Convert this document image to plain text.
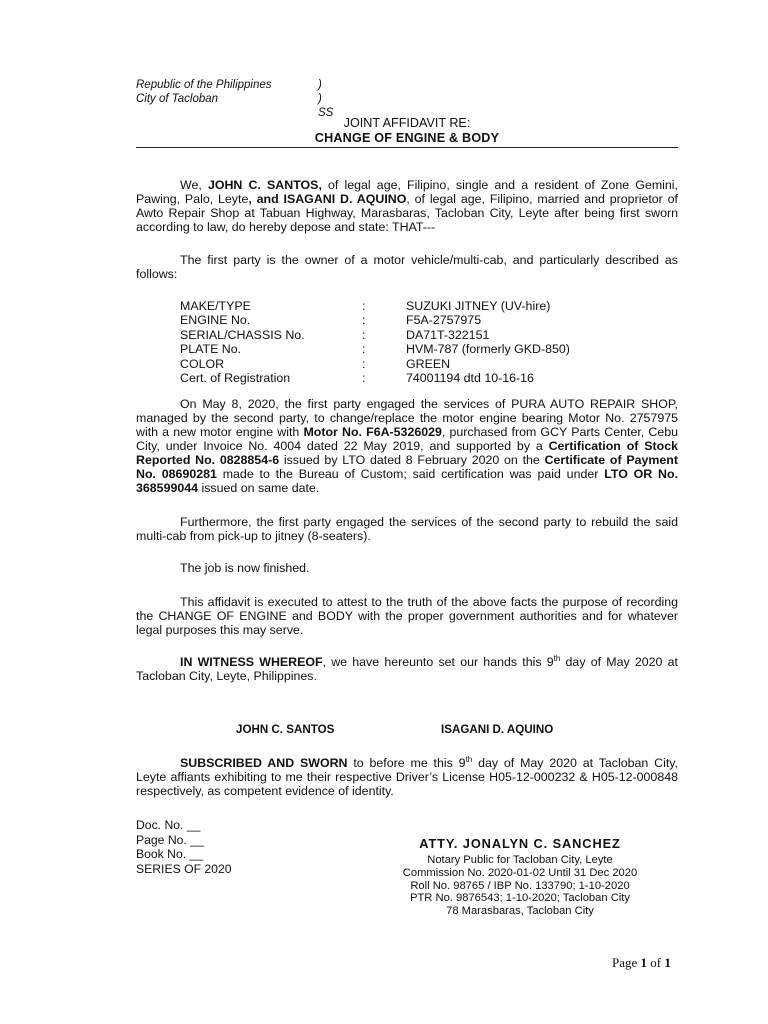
Republic of the Philippines	)
City of Tacloban	) SS
JOINT AFFIDAVIT RE:
CHANGE OF ENGINE & BODY
We, JOHN C. SANTOS, of legal age, Filipino, single and a resident of Zone Gemini, Pawing, Palo, Leyte, and ISAGANI D. AQUINO, of legal age, Filipino, married and proprietor of Awto Repair Shop at Tabuan Highway, Marasbaras, Tacloban City, Leyte after being first sworn according to law, do hereby depose and state: THAT---
The first party is the owner of a motor vehicle/multi-cab, and particularly described as follows:
MAKE/TYPE	:	SUZUKI JITNEY (UV-hire)
ENGINE No.	:	F5A-2757975
SERIAL/CHASSIS No.	:	DA71T-322151
PLATE No.	:	HVM-787 (formerly GKD-850)
COLOR	:	GREEN
Cert. of Registration	:	74001194 dtd 10-16-16
On May 8, 2020, the first party engaged the services of PURA AUTO REPAIR SHOP, managed by the second party, to change/replace the motor engine bearing Motor No. 2757975 with a new motor engine with Motor No. F6A-5326029, purchased from GCY Parts Center, Cebu City, under Invoice No. 4004 dated 22 May 2019, and supported by a Certification of Stock Reported No. 0828854-6 issued by LTO dated 8 February 2020 on the Certificate of Payment No. 08690281 made to the Bureau of Custom; said certification was paid under LTO OR No. 368599044 issued on same date.
Furthermore, the first party engaged the services of the second party to rebuild the said multi-cab from pick-up to jitney (8-seaters).
The job is now finished.
This affidavit is executed to attest to the truth of the above facts the purpose of recording the CHANGE OF ENGINE and BODY with the proper government authorities and for whatever legal purposes this may serve.
IN WITNESS WHEREOF, we have hereunto set our hands this 9th day of May 2020 at Tacloban City, Leyte, Philippines.
JOHN C. SANTOS	ISAGANI D. AQUINO
SUBSCRIBED AND SWORN to before me this 9th day of May 2020 at Tacloban City, Leyte affiants exhibiting to me their respective Driver’s License H05-12-000232 & H05-12-000848 respectively, as competent evidence of identity.
Doc. No. __
Page No. __
Book No. __
SERIES OF 2020
ATTY. JONALYN C. SANCHEZ
Notary Public for Tacloban City, Leyte
Commission No. 2020-01-02 Until 31 Dec 2020
Roll No. 98765 / IBP No. 133790; 1-10-2020
PTR No. 9876543; 1-10-2020; Tacloban City
78 Marasbaras, Tacloban City
Page 1 of 1
